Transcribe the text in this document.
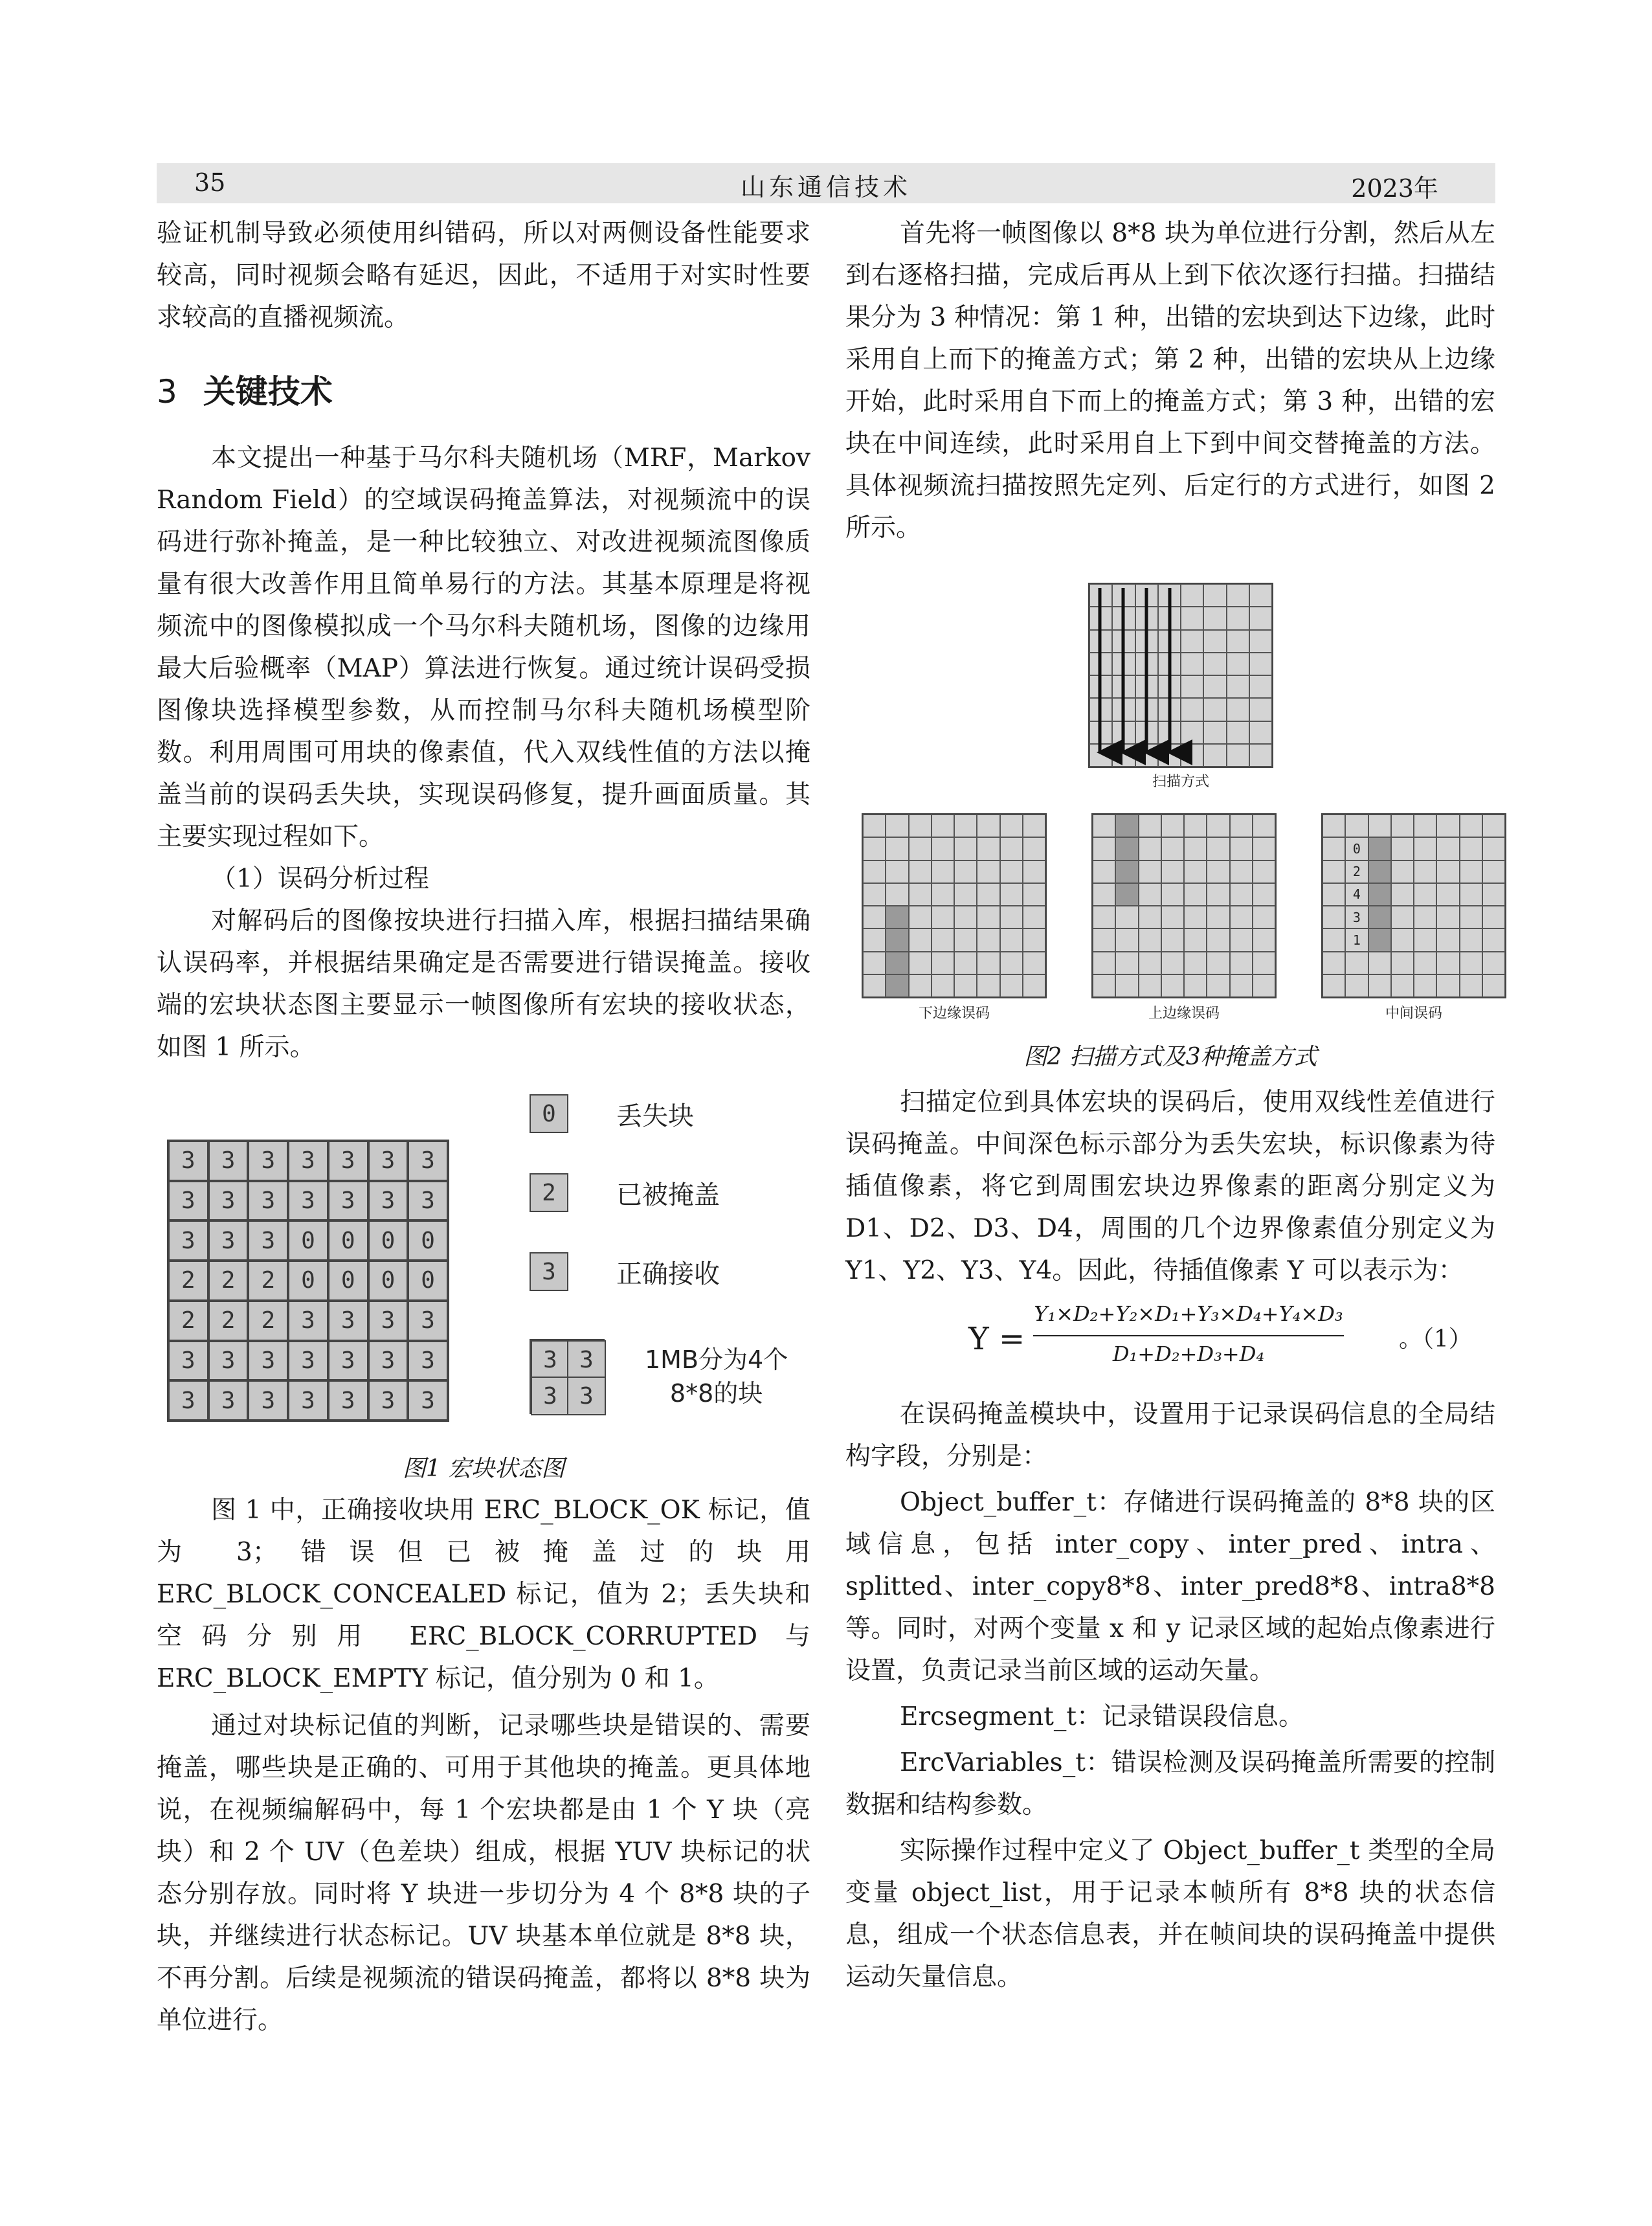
35	山东通信技术	2023年

验证机制导致必须使用纠错码，所以对两侧设备性能要求较高，同时视频会略有延迟，因此，不适用于对实时性要求较高的直播视频流。

3 关键技术

本文提出一种基于马尔科夫随机场（MRF，Markov Random Field）的空域误码掩盖算法，对视频流中的误码进行弥补掩盖，是一种比较独立、对改进视频流图像质量有很大改善作用且简单易行的方法。其基本原理是将视频流中的图像模拟成一个马尔科夫随机场，图像的边缘用最大后验概率（MAP）算法进行恢复。通过统计误码受损图像块选择模型参数，从而控制马尔科夫随机场模型阶数。利用周围可用块的像素值，代入双线性值的方法以掩盖当前的误码丢失块，实现误码修复，提升画面质量。其主要实现过程如下。

（1）误码分析过程

对解码后的图像按块进行扫描入库，根据扫描结果确认误码率，并根据结果确定是否需要进行错误掩盖。接收端的宏块状态图主要显示一帧图像所有宏块的接收状态，如图 1 所示。

3	3	3	3	3	3	3
3	3	3	3	3	3	3
3	3	3	0	0	0	0
2	2	2	0	0	0	0
2	2	2	3	3	3	3
3	3	3	3	3	3	3
3	3	3	3	3	3	3
0	丢失块
2	已被掩盖
3	正确接收
3 3
3 3
1MB分为4个
8*8的块
图1 宏块状态图

图 1 中，正确接收块用 ERC_BLOCK_OK 标记，值为 3；错误但已被掩盖过的块用 ERC_BLOCK_CONCEALED 标记，值为 2；丢失块和空码分别用 ERC_BLOCK_CORRUPTED 与 ERC_BLOCK_EMPTY 标记，值分别为 0 和 1。

通过对块标记值的判断，记录哪些块是错误的、需要掩盖，哪些块是正确的、可用于其他块的掩盖。更具体地说，在视频编解码中，每 1 个宏块都是由 1 个 Y 块（亮块）和 2 个 UV（色差块）组成，根据 YUV 块标记的状态分别存放。同时将 Y 块进一步切分为 4 个 8*8 块的子块，并继续进行状态标记。UV 块基本单位就是 8*8 块，不再分割。后续是视频流的错误码掩盖，都将以 8*8 块为单位进行。

首先将一帧图像以 8*8 块为单位进行分割，然后从左到右逐格扫描，完成后再从上到下依次逐行扫描。扫描结果分为 3 种情况：第 1 种，出错的宏块到达下边缘，此时采用自上而下的掩盖方式；第 2 种，出错的宏块从上边缘开始，此时采用自下而上的掩盖方式；第 3 种，出错的宏块在中间连续，此时采用自上下到中间交替掩盖的方法。具体视频流扫描按照先定列、后定行的方式进行，如图 2 所示。

扫描方式
下边缘误码	上边缘误码
0
2
4
3
1
中间误码
图2 扫描方式及3种掩盖方式

扫描定位到具体宏块的误码后，使用双线性差值进行误码掩盖。中间深色标示部分为丢失宏块，标识像素为待插值像素，将它到周围宏块边界像素的距离分别定义为 D1、D2、D3、D4，周围的几个边界像素值分别定义为 Y1、Y2、Y3、Y4。因此，待插值像素 Y 可以表示为：

Y =
Y₁×D₂+Y₂×D₁+Y₃×D₄+Y₄×D₃
D₁+D₂+D₃+D₄
。（1）

在误码掩盖模块中，设置用于记录误码信息的全局结构字段，分别是：

Object_buffer_t：存储进行误码掩盖的 8*8 块的区域信息，包括 inter_copy、inter_pred、intra、splitted、inter_copy8*8、inter_pred8*8、intra8*8 等。同时，对两个变量 x 和 y 记录区域的起始点像素进行设置，负责记录当前区域的运动矢量。

Ercsegment_t：记录错误段信息。

ErcVariables_t：错误检测及误码掩盖所需要的控制数据和结构参数。

实际操作过程中定义了 Object_buffer_t 类型的全局变量 object_list，用于记录本帧所有 8*8 块的状态信息，组成一个状态信息表，并在帧间块的误码掩盖中提供运动矢量信息。
